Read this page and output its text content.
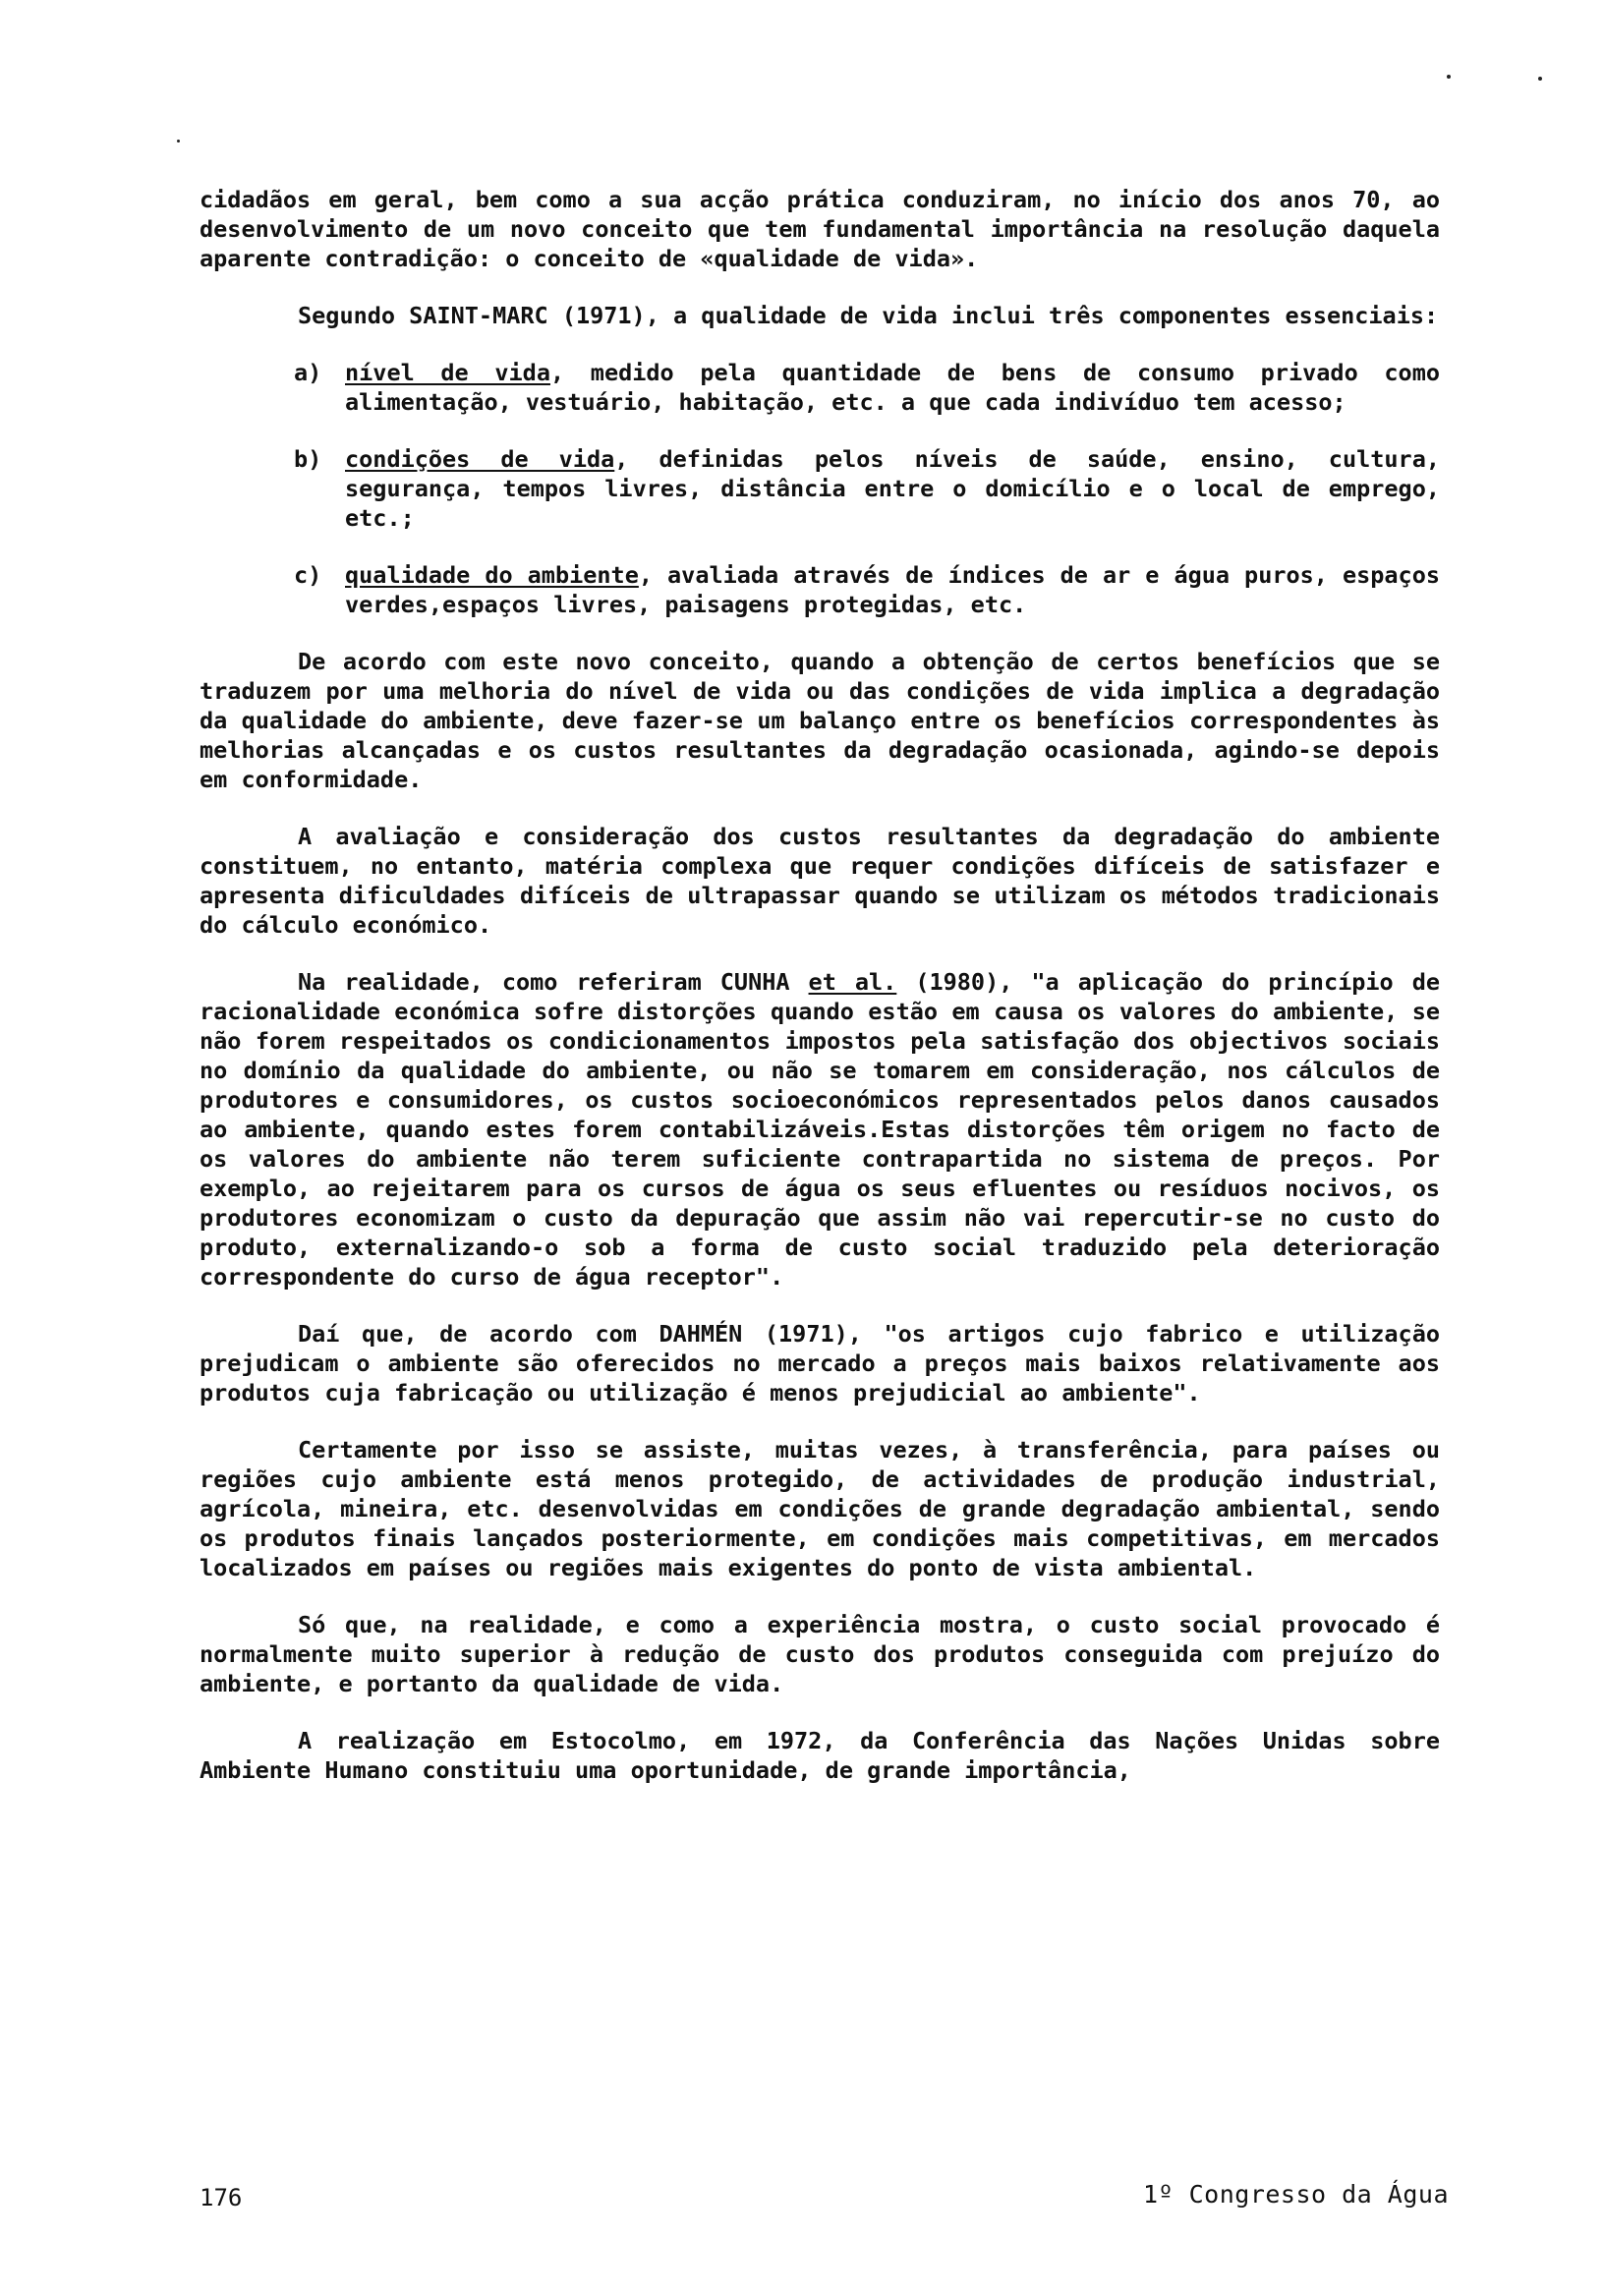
cidadãos em geral, bem como a sua acção prática conduziram, no início dos anos 70, ao desenvolvimento de um novo conceito que tem fundamental importância na resolução daquela aparente contradição: o conceito de «qualidade de vida».

Segundo SAINT-MARC (1971), a qualidade de vida inclui três componentes essenciais:

a) nível de vida, medido pela quantidade de bens de consumo privado como alimentação, vestuário, habitação, etc. a que cada indivíduo tem acesso;
b) condições de vida, definidas pelos níveis de saúde, ensino, cultura, segurança, tempos livres, distância entre o domicílio e o local de emprego, etc.;
c) qualidade do ambiente, avaliada através de índices de ar e água puros, espaços verdes,espaços livres, paisagens protegidas, etc.

De acordo com este novo conceito, quando a obtenção de certos benefícios que se traduzem por uma melhoria do nível de vida ou das condições de vida implica a degradação da qualidade do ambiente, deve fazer-se um balanço entre os benefícios correspondentes às melhorias alcançadas e os custos resultantes da degradação ocasionada, agindo-se depois em conformidade.

A avaliação e consideração dos custos resultantes da degradação do ambiente constituem, no entanto, matéria complexa que requer condições difíceis de satisfazer e apresenta dificuldades difíceis de ultrapassar quando se utilizam os métodos tradicionais do cálculo económico.

Na realidade, como referiram CUNHA et al. (1980), "a aplicação do princípio de racionalidade económica sofre distorções quando estão em causa os valores do ambiente, se não forem respeitados os condicionamentos impostos pela satisfação dos objectivos sociais no domínio da qualidade do ambiente, ou não se tomarem em consideração, nos cálculos de produtores e consumidores, os custos socioeconómicos representados pelos danos causados ao ambiente, quando estes forem contabilizáveis.Estas distorções têm origem no facto de os valores do ambiente não terem suficiente contrapartida no sistema de preços. Por exemplo, ao rejeitarem para os cursos de água os seus efluentes ou resíduos nocivos, os produtores economizam o custo da depuração que assim não vai repercutir-se no custo do produto, externalizando-o sob a forma de custo social traduzido pela deterioração correspondente do curso de água receptor".

Daí que, de acordo com DAHMÉN (1971), "os artigos cujo fabrico e utilização prejudicam o ambiente são oferecidos no mercado a preços mais baixos relativamente aos produtos cuja fabricação ou utilização é menos prejudicial ao ambiente".

Certamente por isso se assiste, muitas vezes, à transferência, para países ou regiões cujo ambiente está menos protegido, de actividades de produção industrial, agrícola, mineira, etc. desenvolvidas em condições de grande degradação ambiental, sendo os produtos finais lançados posteriormente, em condições mais competitivas, em mercados localizados em países ou regiões mais exigentes do ponto de vista ambiental.

Só que, na realidade, e como a experiência mostra, o custo social provocado é normalmente muito superior à redução de custo dos produtos conseguida com prejuízo do ambiente, e portanto da qualidade de vida.

A realização em Estocolmo, em 1972, da Conferência das Nações Unidas sobre Ambiente Humano constituiu uma oportunidade, de grande importância,

176	1º Congresso da Água
